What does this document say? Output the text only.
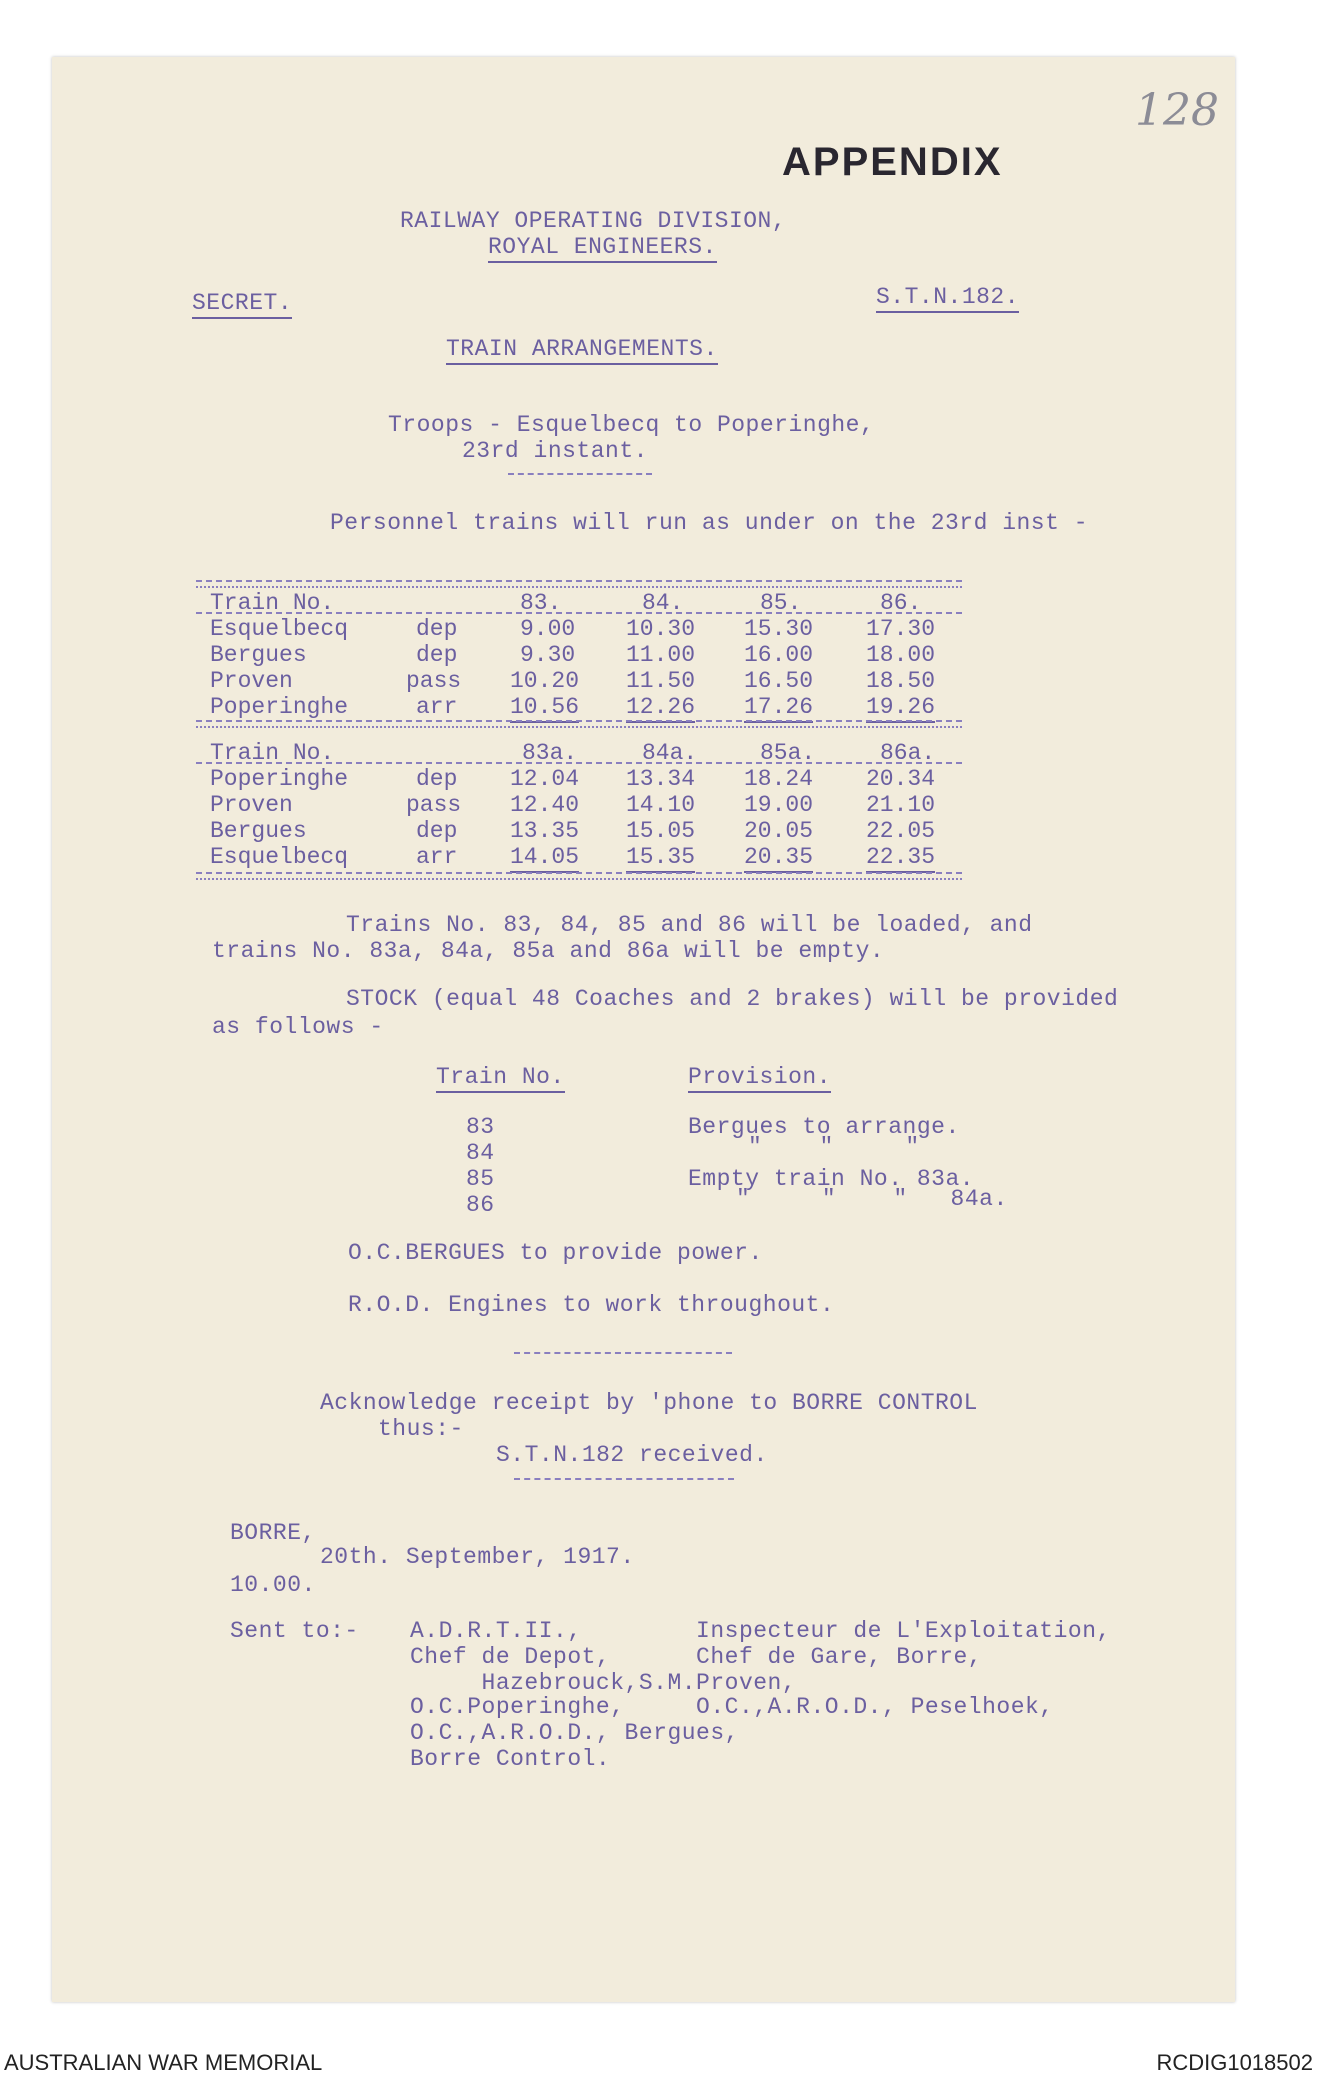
128
APPENDIX
RAILWAY OPERATING DIVISION,
ROYAL ENGINEERS.
SECRET.	S.T.N.182.
TRAIN ARRANGEMENTS.
Troops - Esquelbecq to Poperinghe,
23rd instant.
Personnel trains will run as under on the 23rd inst -
Train No.	83.	84.	85.	86.
Esquelbecq	dep	9.00 10.30 15.30 17.30
Bergues	dep	9.30 11.00 16.00 18.00
Proven	pass 10.20 11.50 16.50 18.50
Poperinghe	arr 10.56 12.26 17.26 19.26
Train No.	83a.	84a.	85a.	86a.
Poperinghe	dep 12.04 13.34 18.24 20.34
Proven	pass 12.40 14.10 19.00 21.10
Bergues	dep 13.35 15.05 20.05 22.05
Esquelbecq	arr 14.05 15.35 20.35 22.35
Trains No. 83, 84, 85 and 86 will be loaded, and
trains No. 83a, 84a, 85a and 86a will be empty.
STOCK (equal 48 Coaches and 2 brakes) will be provided
as follows -
Train No.	Provision.
83	Bergues to arrange.
84	"    "     "
85	Empty train No. 83a.
86	"     "    "   84a.
O.C.BERGUES to provide power.
R.O.D. Engines to work throughout.
Acknowledge receipt by 'phone to BORRE CONTROL
thus:-
S.T.N.182 received.
BORRE,
20th. September, 1917.
10.00.
Sent to:- A.D.R.T.II.,        Inspecteur de L'Exploitation,
Chef de Depot,      Chef de Gare, Borre,
Hazebrouck,S.M.Proven,
O.C.Poperinghe,     O.C.,A.R.O.D., Peselhoek,
O.C.,A.R.O.D., Bergues,
Borre Control.
AUSTRALIAN WAR MEMORIAL	RCDIG1018502
